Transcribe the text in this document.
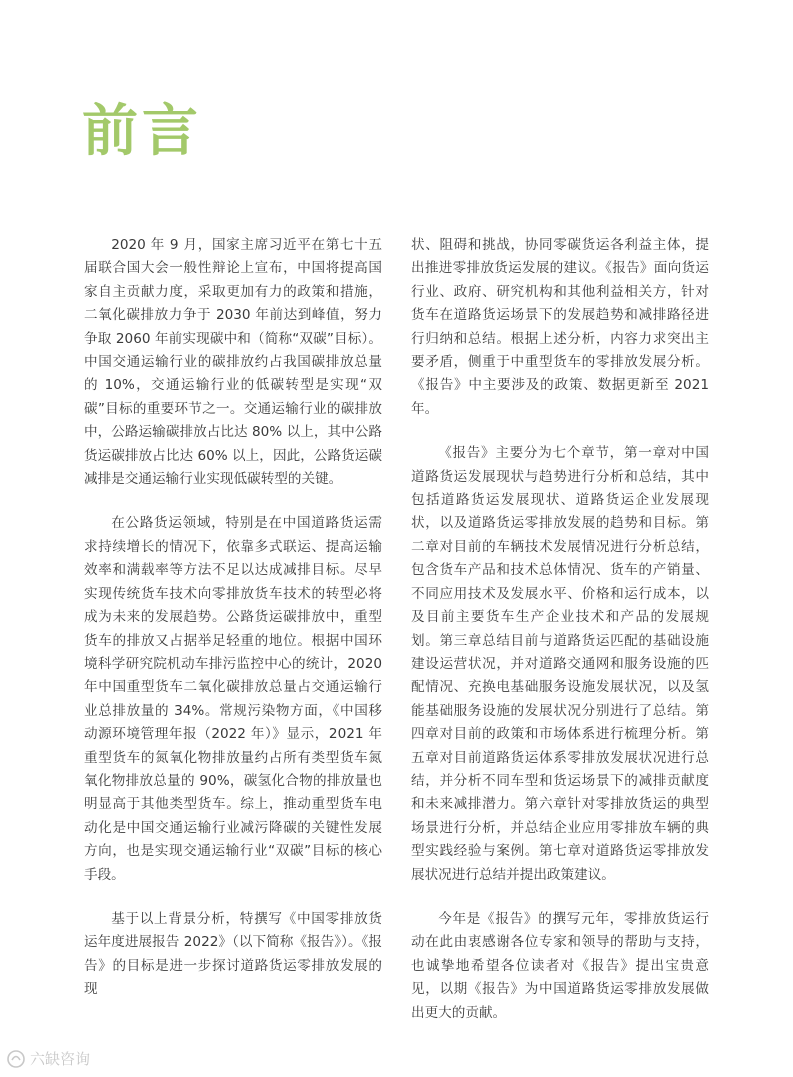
前言

2020 年 9 月，国家主席习近平在第七十五届联合国大会一般性辩论上宣布，中国将提高国家自主贡献力度，采取更加有力的政策和措施，二氧化碳排放力争于 2030 年前达到峰值，努力争取 2060 年前实现碳中和（简称“双碳”目标）。中国交通运输行业的碳排放约占我国碳排放总量的 10%，交通运输行业的低碳转型是实现“双碳”目标的重要环节之一。交通运输行业的碳排放中，公路运输碳排放占比达 80% 以上，其中公路货运碳排放占比达 60% 以上，因此，公路货运碳减排是交通运输行业实现低碳转型的关键。

在公路货运领域，特别是在中国道路货运需求持续增长的情况下，依靠多式联运、提高运输效率和满载率等方法不足以达成减排目标。尽早实现传统货车技术向零排放货车技术的转型必将成为未来的发展趋势。公路货运碳排放中，重型货车的排放又占据举足轻重的地位。根据中国环境科学研究院机动车排污监控中心的统计，2020 年中国重型货车二氧化碳排放总量占交通运输行业总排放量的 34%。常规污染物方面，《中国移动源环境管理年报（2022 年）》显示，2021 年重型货车的氮氧化物排放量约占所有类型货车氮氧化物排放总量的 90%，碳氢化合物的排放量也明显高于其他类型货车。综上，推动重型货车电动化是中国交通运输行业减污降碳的关键性发展方向，也是实现交通运输行业“双碳”目标的核心手段。

基于以上背景分析，特撰写《中国零排放货运年度进展报告 2022》（以下简称《报告》）。《报告》的目标是进一步探讨道路货运零排放发展的现

状、阻碍和挑战，协同零碳货运各利益主体，提出推进零排放货运发展的建议。《报告》面向货运行业、政府、研究机构和其他利益相关方，针对货车在道路货运场景下的发展趋势和减排路径进行归纳和总结。根据上述分析，内容力求突出主要矛盾，侧重于中重型货车的零排放发展分析。《报告》中主要涉及的政策、数据更新至 2021 年。

《报告》主要分为七个章节，第一章对中国道路货运发展现状与趋势进行分析和总结，其中包括道路货运发展现状、道路货运企业发展现状，以及道路货运零排放发展的趋势和目标。第二章对目前的车辆技术发展情况进行分析总结，包含货车产品和技术总体情况、货车的产销量、不同应用技术及发展水平、价格和运行成本，以及目前主要货车生产企业技术和产品的发展规划。第三章总结目前与道路货运匹配的基础设施建设运营状况，并对道路交通网和服务设施的匹配情况、充换电基础服务设施发展状况，以及氢能基础服务设施的发展状况分别进行了总结。第四章对目前的政策和市场体系进行梳理分析。第五章对目前道路货运体系零排放发展状况进行总结，并分析不同车型和货运场景下的减排贡献度和未来减排潜力。第六章针对零排放货运的典型场景进行分析，并总结企业应用零排放车辆的典型实践经验与案例。第七章对道路货运零排放发展状况进行总结并提出政策建议。

今年是《报告》的撰写元年，零排放货运行动在此由衷感谢各位专家和领导的帮助与支持，也诚挚地希望各位读者对《报告》提出宝贵意见，以期《报告》为中国道路货运零排放发展做出更大的贡献。

六缺咨询
